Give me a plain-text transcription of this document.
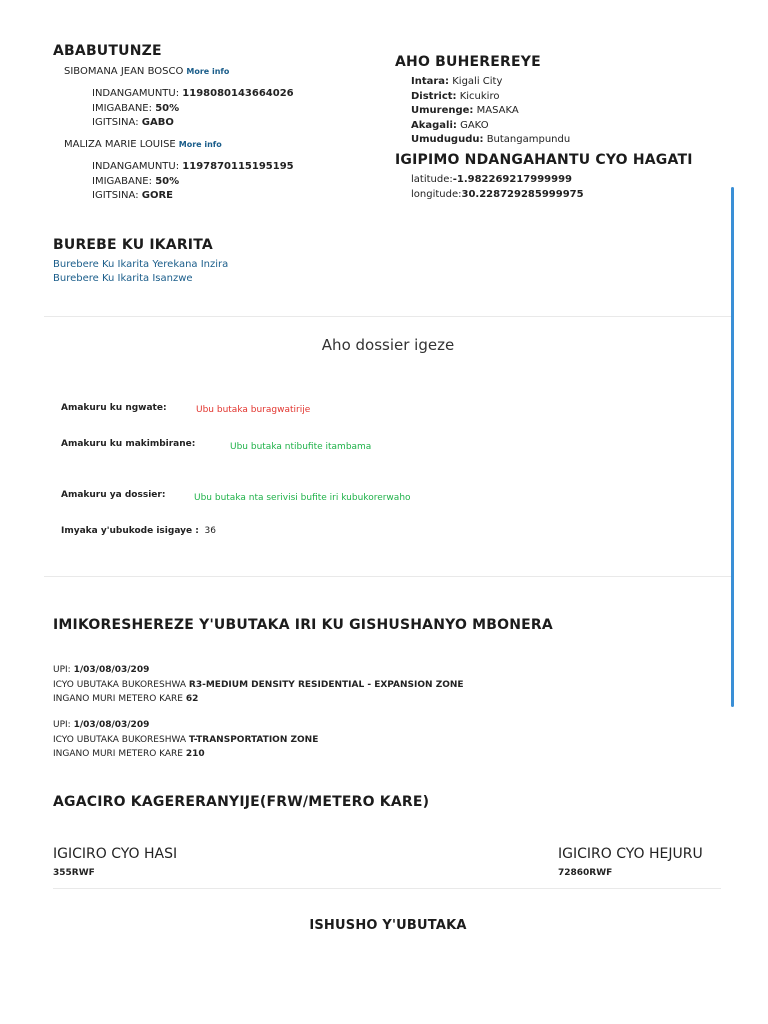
ABABUTUNZE
SIBOMANA JEAN BOSCO More info
INDANGAMUNTU: 1198080143664026
IMIGABANE: 50%
IGITSINA: GABO
MALIZA MARIE LOUISE More info
INDANGAMUNTU: 1197870115195195
IMIGABANE: 50%
IGITSINA: GORE
AHO BUHEREREYE
Intara: Kigali City
District: Kicukiro
Umurenge: MASAKA
Akagali: GAKO
Umudugudu: Butangampundu
IGIPIMO NDANGAHANTU CYO HAGATI
latitude:-1.982269217999999
longitude:30.228729285999975
BUREBE KU IKARITA
Burebere Ku Ikarita Yerekana Inzira
Burebere Ku Ikarita Isanzwe
Aho dossier igeze
Amakuru ku ngwate:	Ubu butaka buragwatirije
Amakuru ku makimbirane:	Ubu butaka ntibufite itambama
Amakuru ya dossier:	Ubu butaka nta serivisi bufite iri kubukorerwaho
Imyaka y'ubukode isigaye : 36
IMIKORESHEREZE Y'UBUTAKA IRI KU GISHUSHANYO MBONERA
UPI: 1/03/08/03/209
ICYO UBUTAKA BUKORESHWA R3-MEDIUM DENSITY RESIDENTIAL - EXPANSION ZONE
INGANO MURI METERO KARE 62
UPI: 1/03/08/03/209
ICYO UBUTAKA BUKORESHWA T-TRANSPORTATION ZONE
INGANO MURI METERO KARE 210
AGACIRO KAGERERANYIJE(FRW/METERO KARE)
IGICIRO CYO HASI
355RWF
IGICIRO CYO HEJURU
72860RWF
ISHUSHO Y'UBUTAKA
